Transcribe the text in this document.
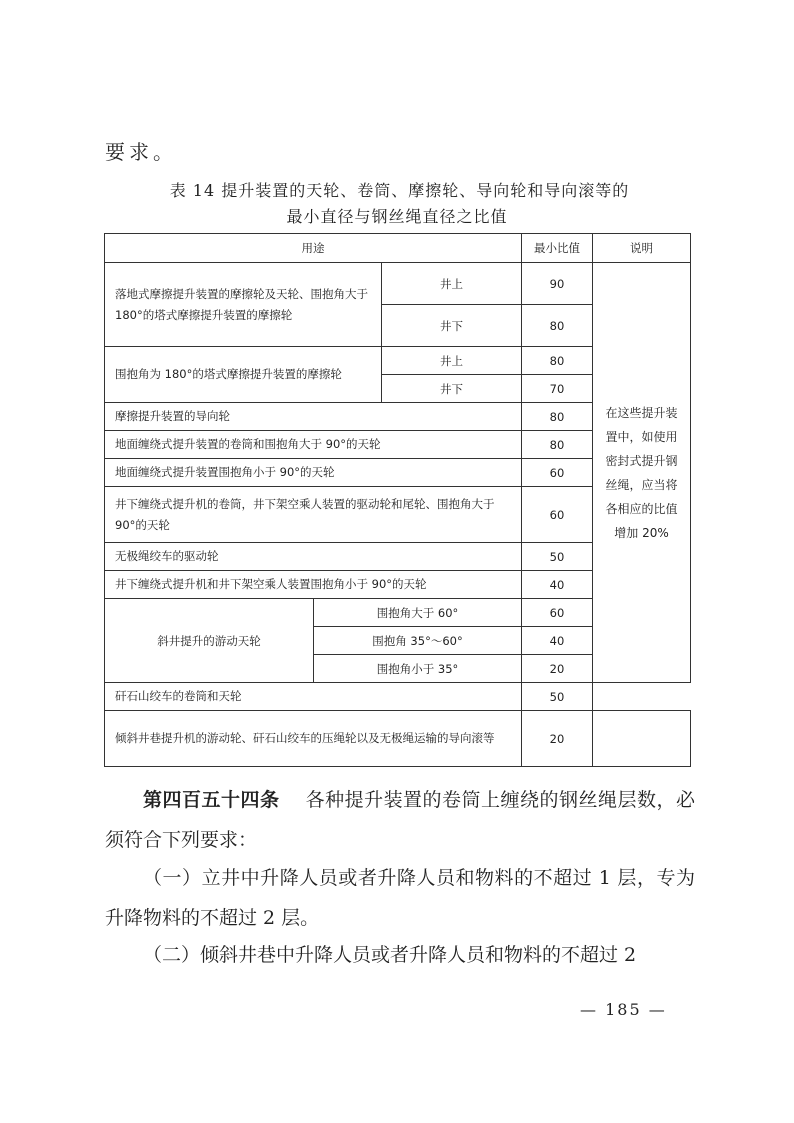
要求。
表 14 提升装置的天轮、卷筒、摩擦轮、导向轮和导向滚等的
最小直径与钢丝绳直径之比值
用途			最小比值	说明
落地式摩擦提升装置的摩擦轮及天轮、围抱角大于 180°的塔式摩擦提升装置的摩擦轮		井上	90	在这些提升装置中，如使用密封式提升钢丝绳，应当将各相应的比值增加 20%
		井下	80	
围抱角为 180°的塔式摩擦提升装置的摩擦轮		井上	80	
		井下	70	
摩擦提升装置的导向轮			80	
地面缠绕式提升装置的卷筒和围抱角大于 90°的天轮			80	
地面缠绕式提升装置围抱角小于 90°的天轮			60	
井下缠绕式提升机的卷筒，井下架空乘人装置的驱动轮和尾轮、围抱角大于 90°的天轮			60	
无极绳绞车的驱动轮			50	
井下缠绕式提升机和井下架空乘人装置围抱角小于 90°的天轮			40	
斜井提升的游动天轮	围抱角大于 60°		60	
	围抱角 35°～60°		40	
	围抱角小于 35°		20	
矸石山绞车的卷筒和天轮			50	
倾斜井巷提升机的游动轮、矸石山绞车的压绳轮以及无极绳运输的导向滚等			20	
第四百五十四条 各种提升装置的卷筒上缠绕的钢丝绳层数，必须符合下列要求：
（一）立井中升降人员或者升降人员和物料的不超过 1 层，专为升降物料的不超过 2 层。
（二）倾斜井巷中升降人员或者升降人员和物料的不超过 2
— 185 —
